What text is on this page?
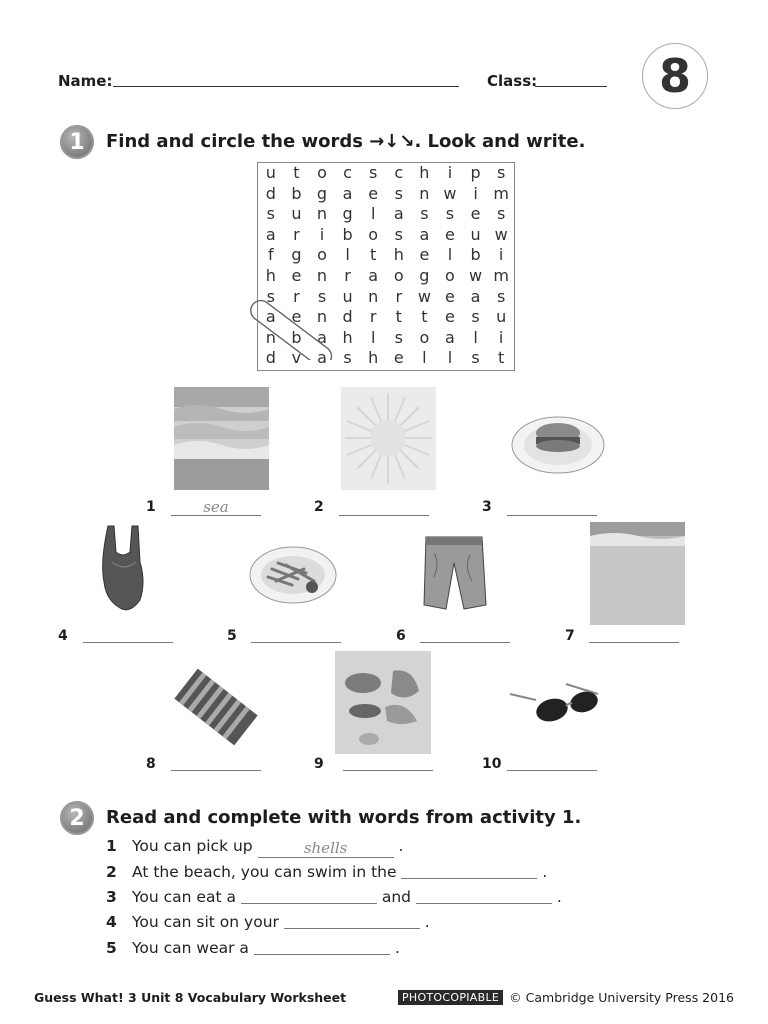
Name:	Class:	8
1	Find and circle the words →↓↘. Look and write.
u	t	o	c	s	c	h	i	p	s
d b g a e	s	n w	i m
s	u n g	l	a	s	s	e	s
a	r	i	b o	s	a e u w
f	g o	l	t	h e	l	b	i
h e n	r	a o g o w m
s	r	s	u n	r w e a	s
a e n d	r	t	t	e	s	u
n b a h	l	s	o a	l	i
d v a	s	h e	l	l	s	t
1	sea	2	3
4	5	6	7
8	9	10
2	Read and complete with words from activity 1.
1 You can pick up	shells	.
2 At the beach, you can swim in the	.
3 You can eat a	and	.
4 You can sit on your	.
5 You can wear a	.
Guess What! 3 Unit 8 Vocabulary Worksheet	PHOTOCOPIABLE © Cambridge University Press 2016
